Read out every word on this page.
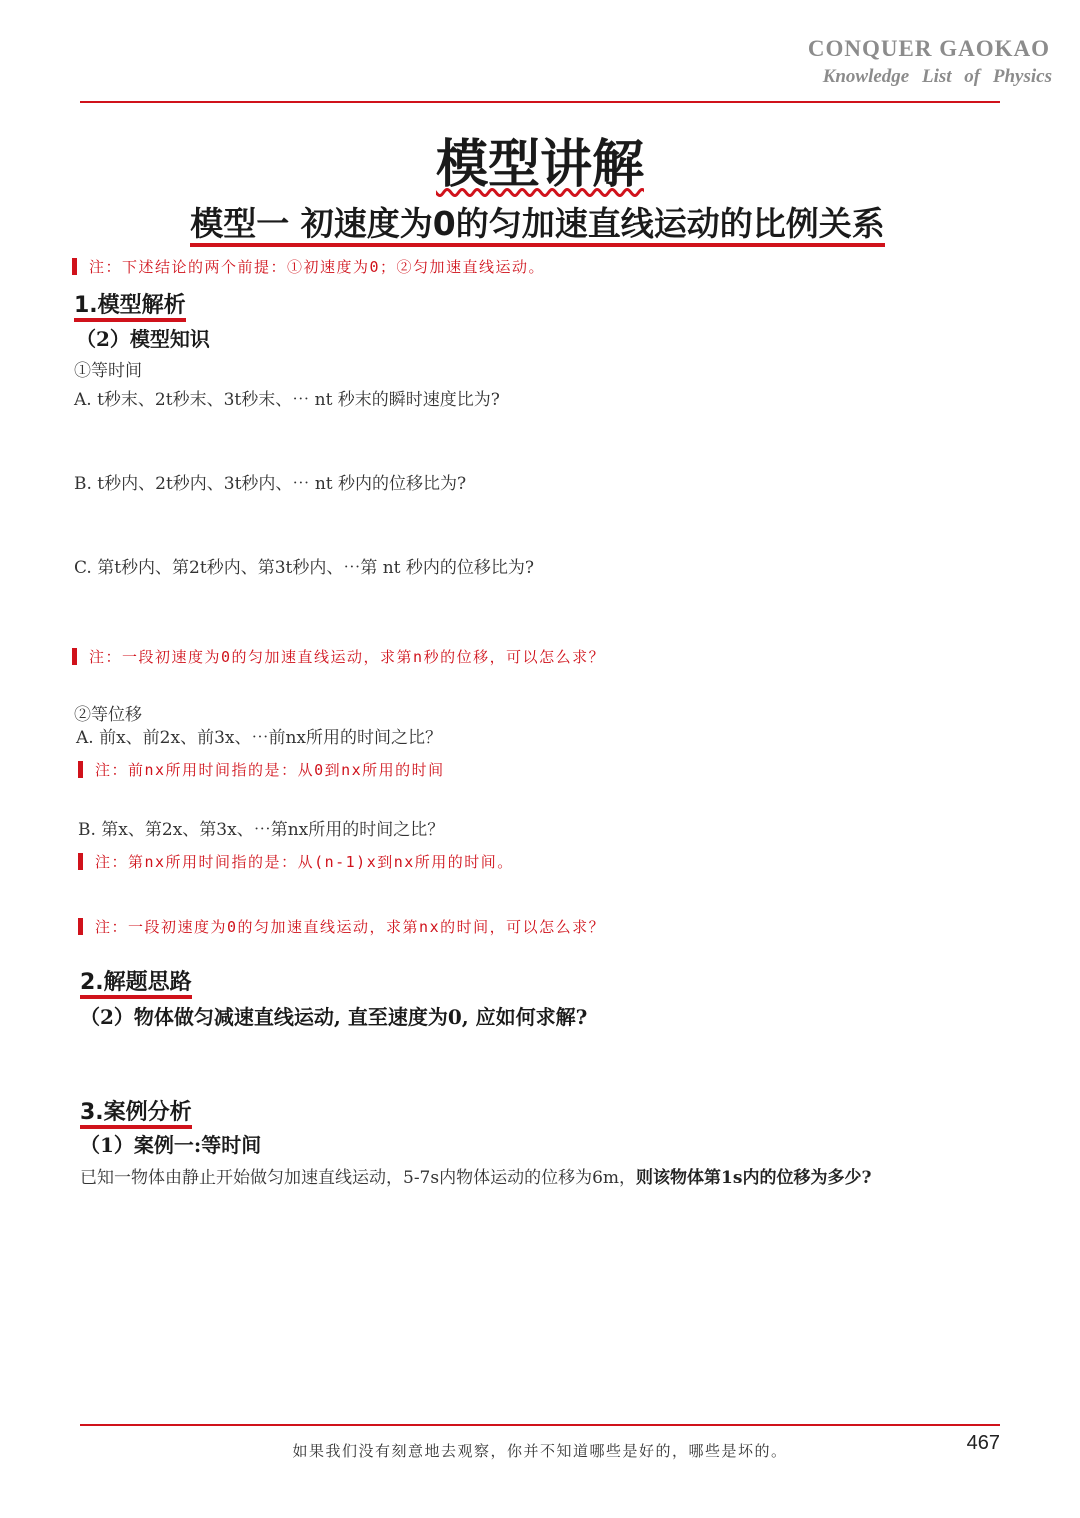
CONQUER GAOKAO
Knowledge List of Physics
模型讲解
模型一 初速度为0的匀加速直线运动的比例关系
注：下述结论的两个前提：①初速度为0；②匀加速直线运动。
1.模型解析
（2）模型知识
①等时间
A. t秒末、2t秒末、3t秒末、⋯ nt 秒末的瞬时速度比为?
B. t秒内、2t秒内、3t秒内、⋯ nt 秒内的位移比为?
C. 第t秒内、第2t秒内、第3t秒内、⋯第 nt 秒内的位移比为?
注：一段初速度为0的匀加速直线运动，求第n秒的位移，可以怎么求？
②等位移
A. 前x、前2x、前3x、⋯前nx所用的时间之比？
注：前nx所用时间指的是：从0到nx所用的时间
B. 第x、第2x、第3x、⋯第nx所用的时间之比？
注：第nx所用时间指的是：从(n-1)x到nx所用的时间。
注：一段初速度为0的匀加速直线运动，求第nx的时间，可以怎么求？
2.解题思路
（2）物体做匀减速直线运动, 直至速度为0, 应如何求解?
3.案例分析
（1）案例一:等时间
已知一物体由静止开始做匀加速直线运动，5-7s内物体运动的位移为6m，则该物体第1s内的位移为多少?
如果我们没有刻意地去观察，你并不知道哪些是好的，哪些是坏的。	467
